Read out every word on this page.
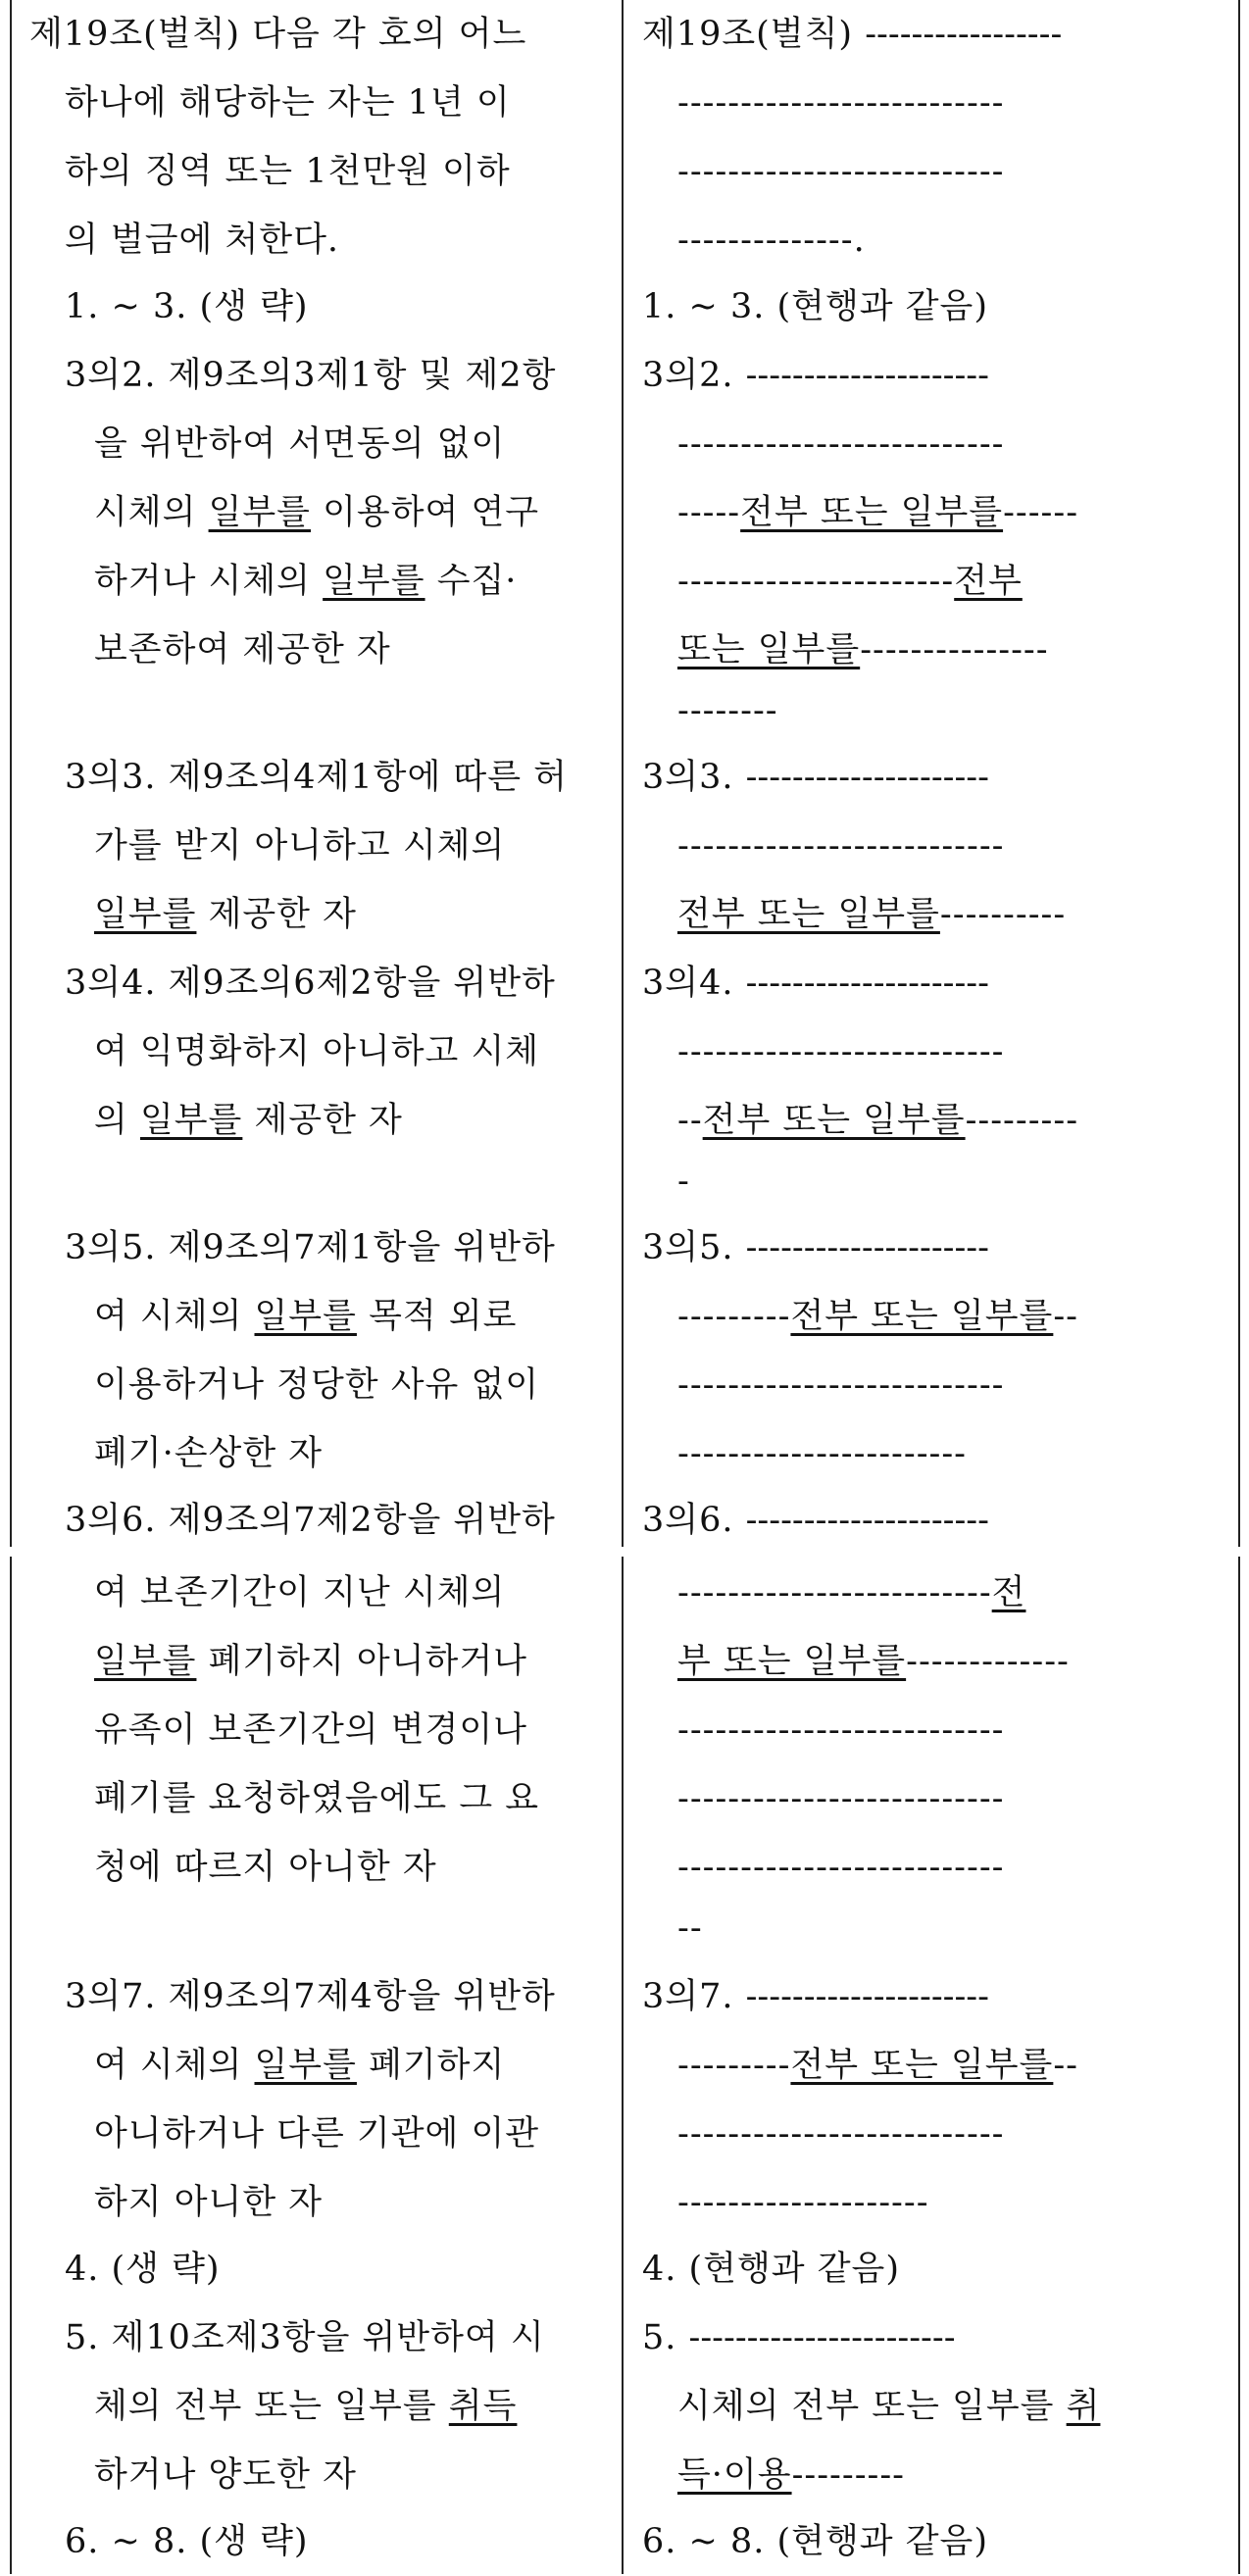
제19조(벌칙) 다음 각 호의 어느
하나에 해당하는 자는 1년 이
하의 징역 또는 1천만원 이하
의 벌금에 처한다.
1. ~ 3. (생 략)
3의2. 제9조의3제1항 및 제2항
을 위반하여 서면동의 없이
시체의 일부를 이용하여 연구
하거나 시체의 일부를 수집·
보존하여 제공한 자
3의3. 제9조의4제1항에 따른 허
가를 받지 아니하고 시체의
일부를 제공한 자
3의4. 제9조의6제2항을 위반하
여 익명화하지 아니하고 시체
의 일부를 제공한 자
3의5. 제9조의7제1항을 위반하
여 시체의 일부를 목적 외로
이용하거나 정당한 사유 없이
폐기·손상한 자
3의6. 제9조의7제2항을 위반하
여 보존기간이 지난 시체의
일부를 폐기하지 아니하거나
유족이 보존기간의 변경이나
폐기를 요청하였음에도 그 요
청에 따르지 아니한 자
3의7. 제9조의7제4항을 위반하
여 시체의 일부를 폐기하지
아니하거나 다른 기관에 이관
하지 아니한 자
4. (생 략)
5. 제10조제3항을 위반하여 시
체의 전부 또는 일부를 취득
하거나 양도한 자
6. ~ 8. (생 략)
제19조(벌칙) -----------------
--------------------------
--------------------------
--------------.
1. ~ 3. (현행과 같음)
3의2. ---------------------
--------------------------
-----전부 또는 일부를------
----------------------전부
또는 일부를---------------
--------
3의3. ---------------------
--------------------------
전부 또는 일부를----------
3의4. ---------------------
--------------------------
--전부 또는 일부를---------
-
3의5. ---------------------
---------전부 또는 일부를--
--------------------------
-----------------------
3의6. ---------------------
-------------------------전
부 또는 일부를-------------
--------------------------
--------------------------
--------------------------
--
3의7. ---------------------
---------전부 또는 일부를--
--------------------------
--------------------
4. (현행과 같음)
5. -----------------------
시체의 전부 또는 일부를 취
득·이용---------
6. ~ 8. (현행과 같음)
